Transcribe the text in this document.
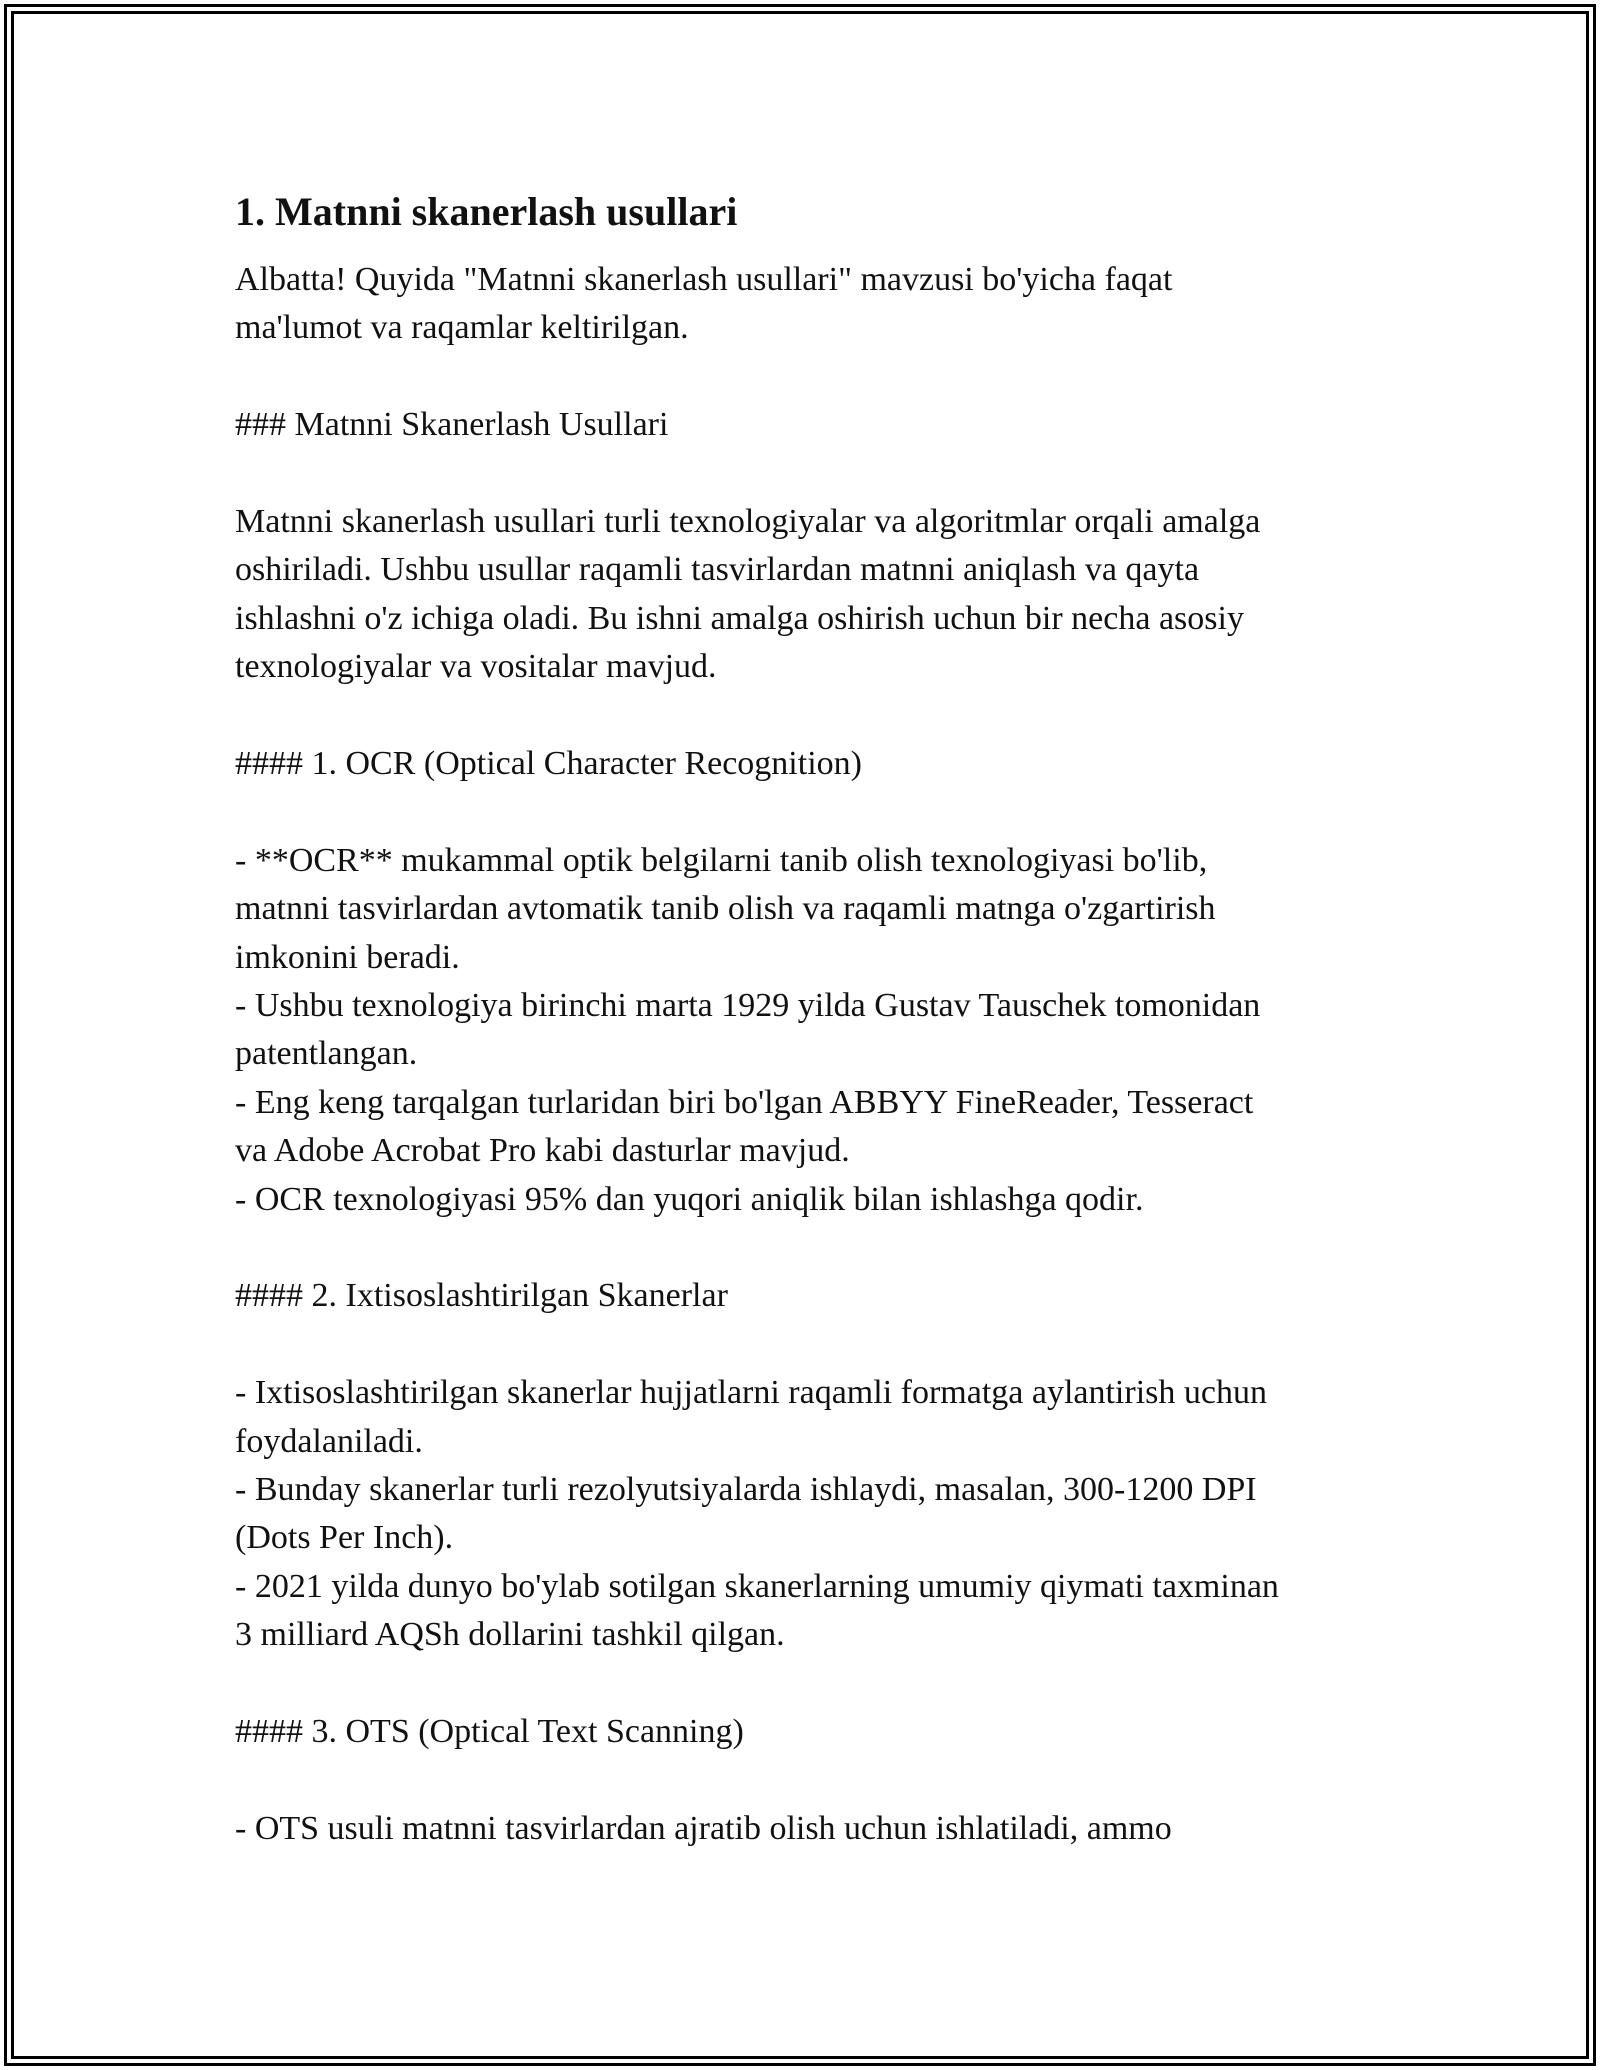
1. Matnni skanerlash usullari
Albatta! Quyida "Matnni skanerlash usullari" mavzusi bo'yicha faqat
ma'lumot va raqamlar keltirilgan.
### Matnni Skanerlash Usullari
Matnni skanerlash usullari turli texnologiyalar va algoritmlar orqali amalga
oshiriladi. Ushbu usullar raqamli tasvirlardan matnni aniqlash va qayta
ishlashni o'z ichiga oladi. Bu ishni amalga oshirish uchun bir necha asosiy
texnologiyalar va vositalar mavjud.
#### 1. OCR (Optical Character Recognition)
- **OCR** mukammal optik belgilarni tanib olish texnologiyasi bo'lib,
matnni tasvirlardan avtomatik tanib olish va raqamli matnga o'zgartirish
imkonini beradi.
- Ushbu texnologiya birinchi marta 1929 yilda Gustav Tauschek tomonidan
patentlangan.
- Eng keng tarqalgan turlaridan biri bo'lgan ABBYY FineReader, Tesseract
va Adobe Acrobat Pro kabi dasturlar mavjud.
- OCR texnologiyasi 95% dan yuqori aniqlik bilan ishlashga qodir.
#### 2. Ixtisoslashtirilgan Skanerlar
- Ixtisoslashtirilgan skanerlar hujjatlarni raqamli formatga aylantirish uchun
foydalaniladi.
- Bunday skanerlar turli rezolyutsiyalarda ishlaydi, masalan, 300-1200 DPI
(Dots Per Inch).
- 2021 yilda dunyo bo'ylab sotilgan skanerlarning umumiy qiymati taxminan
3 milliard AQSh dollarini tashkil qilgan.
#### 3. OTS (Optical Text Scanning)
- OTS usuli matnni tasvirlardan ajratib olish uchun ishlatiladi, ammo
